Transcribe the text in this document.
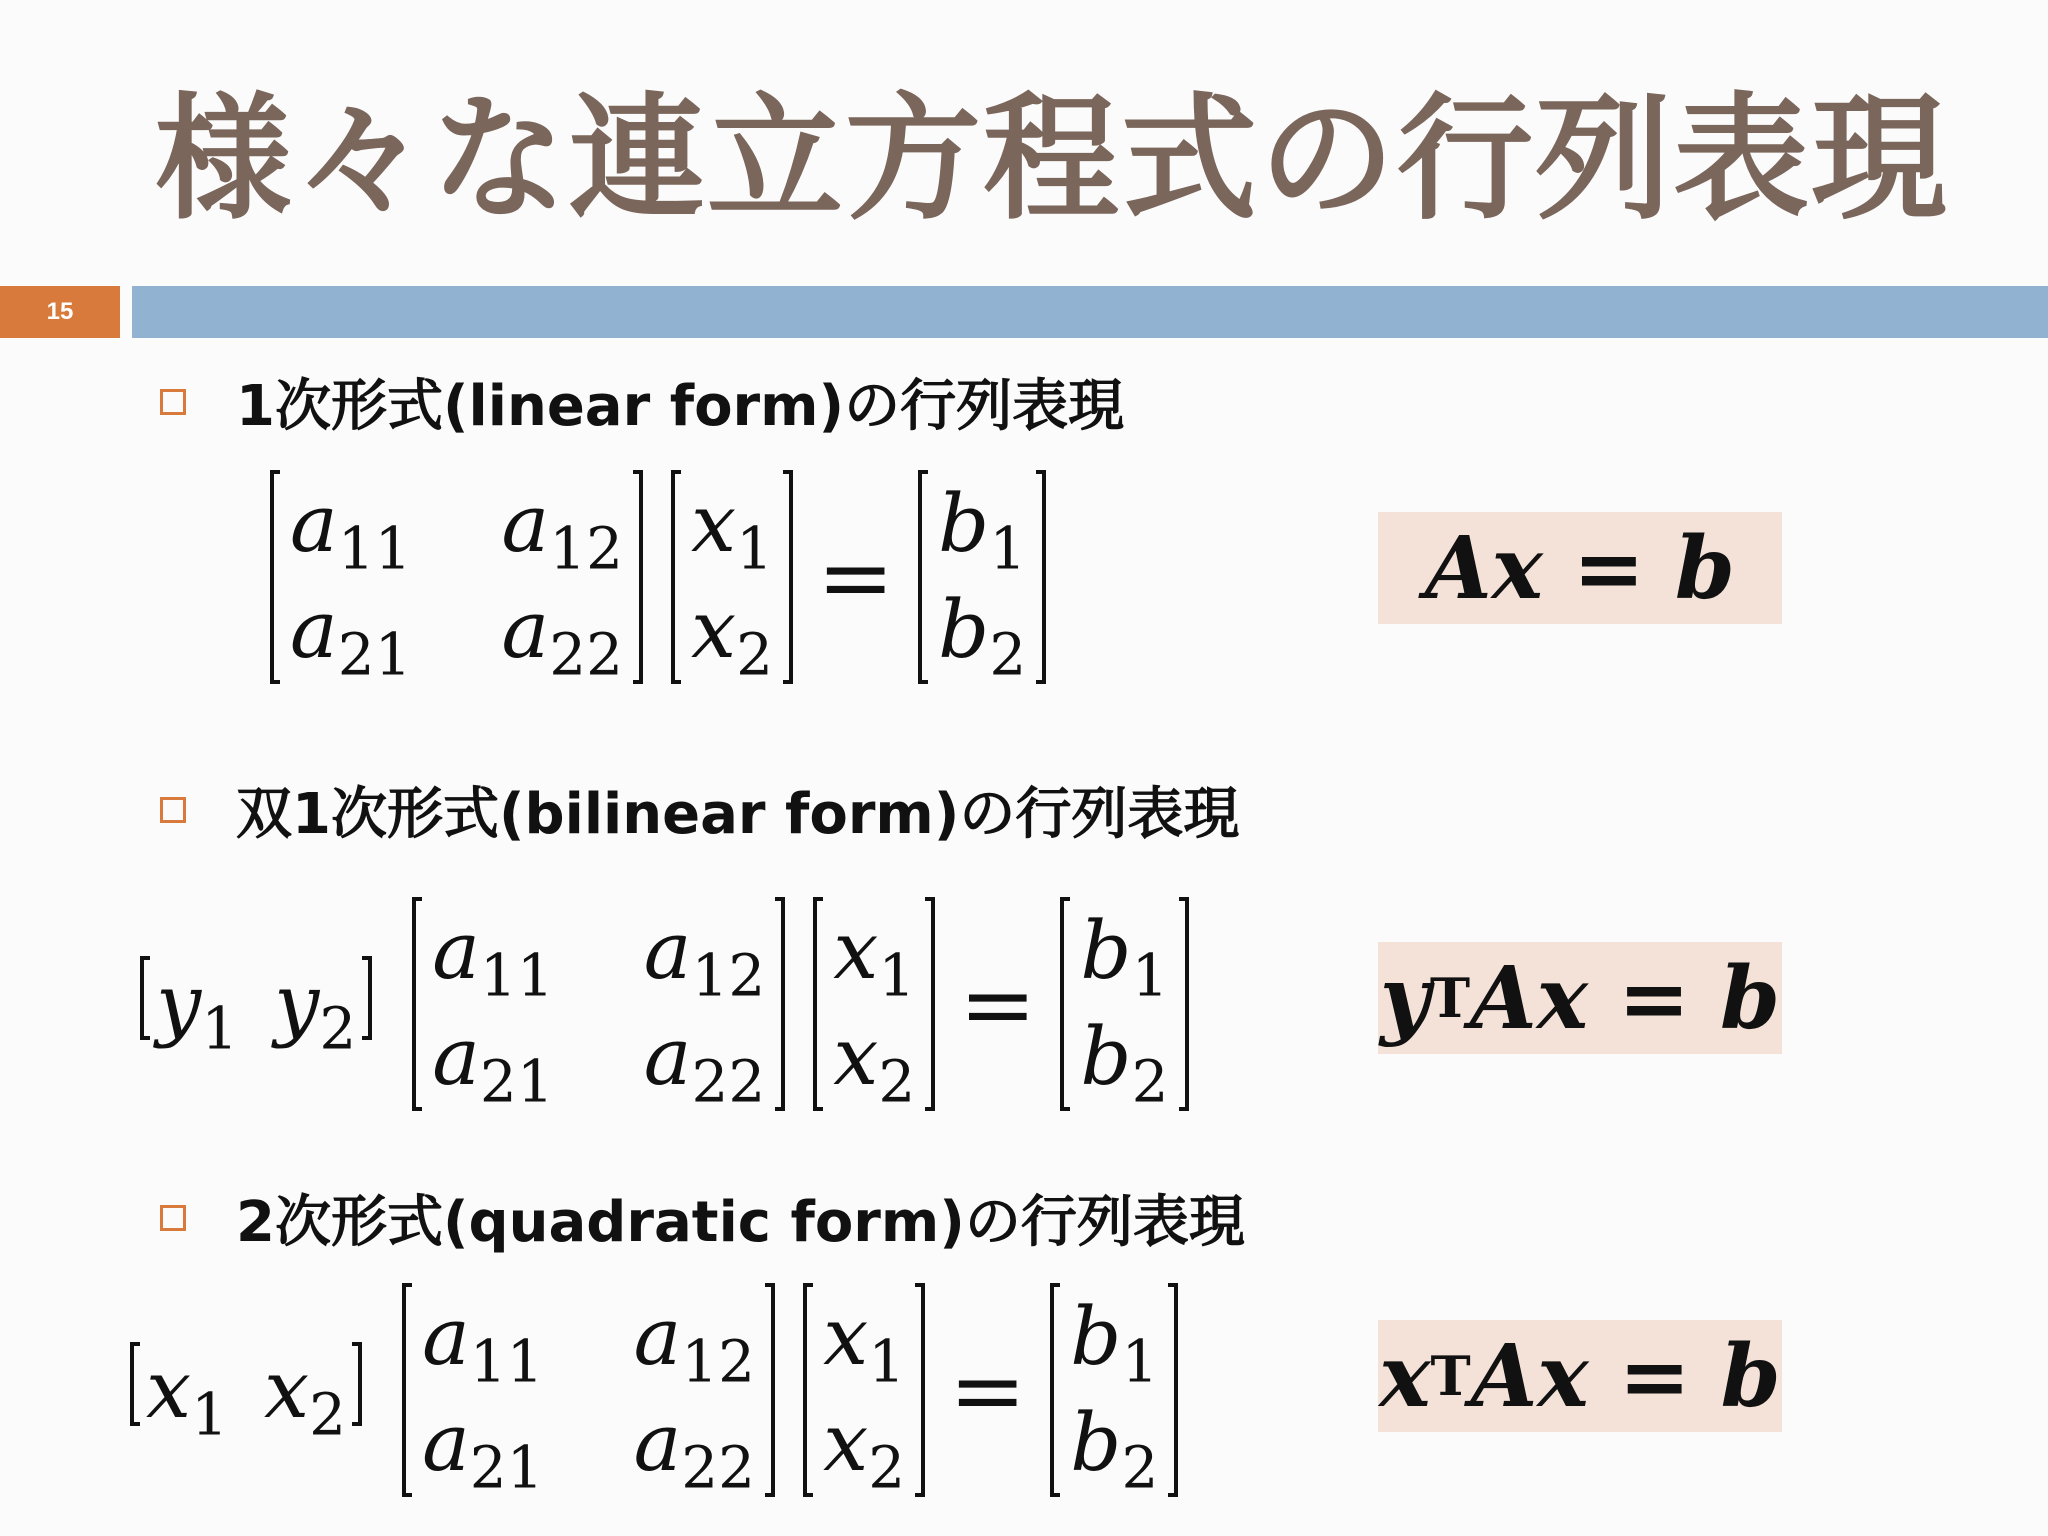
様々な連立方程式の行列表現
15
1次形式(linear form)の行列表現
$a_{11}$ $a_{12}$
$a_{21}$ $a_{22}$
$x_1$
$x_2$
= $b_1$
$b_2$
Ax = b
双1次形式(bilinear form)の行列表現
$y_1$ $y_2$
$a_{11}$ $a_{12}$
$a_{21}$ $a_{22}$
$x_1$
$x_2$
= $b_1$
$b_2$
y T Ax = b
2次形式(quadratic form)の行列表現
$x_1$ $x_2$
$a_{11}$ $a_{12}$
$a_{21}$ $a_{22}$
$x_1$
$x_2$
= $b_1$
$b_2$
x T Ax = b
